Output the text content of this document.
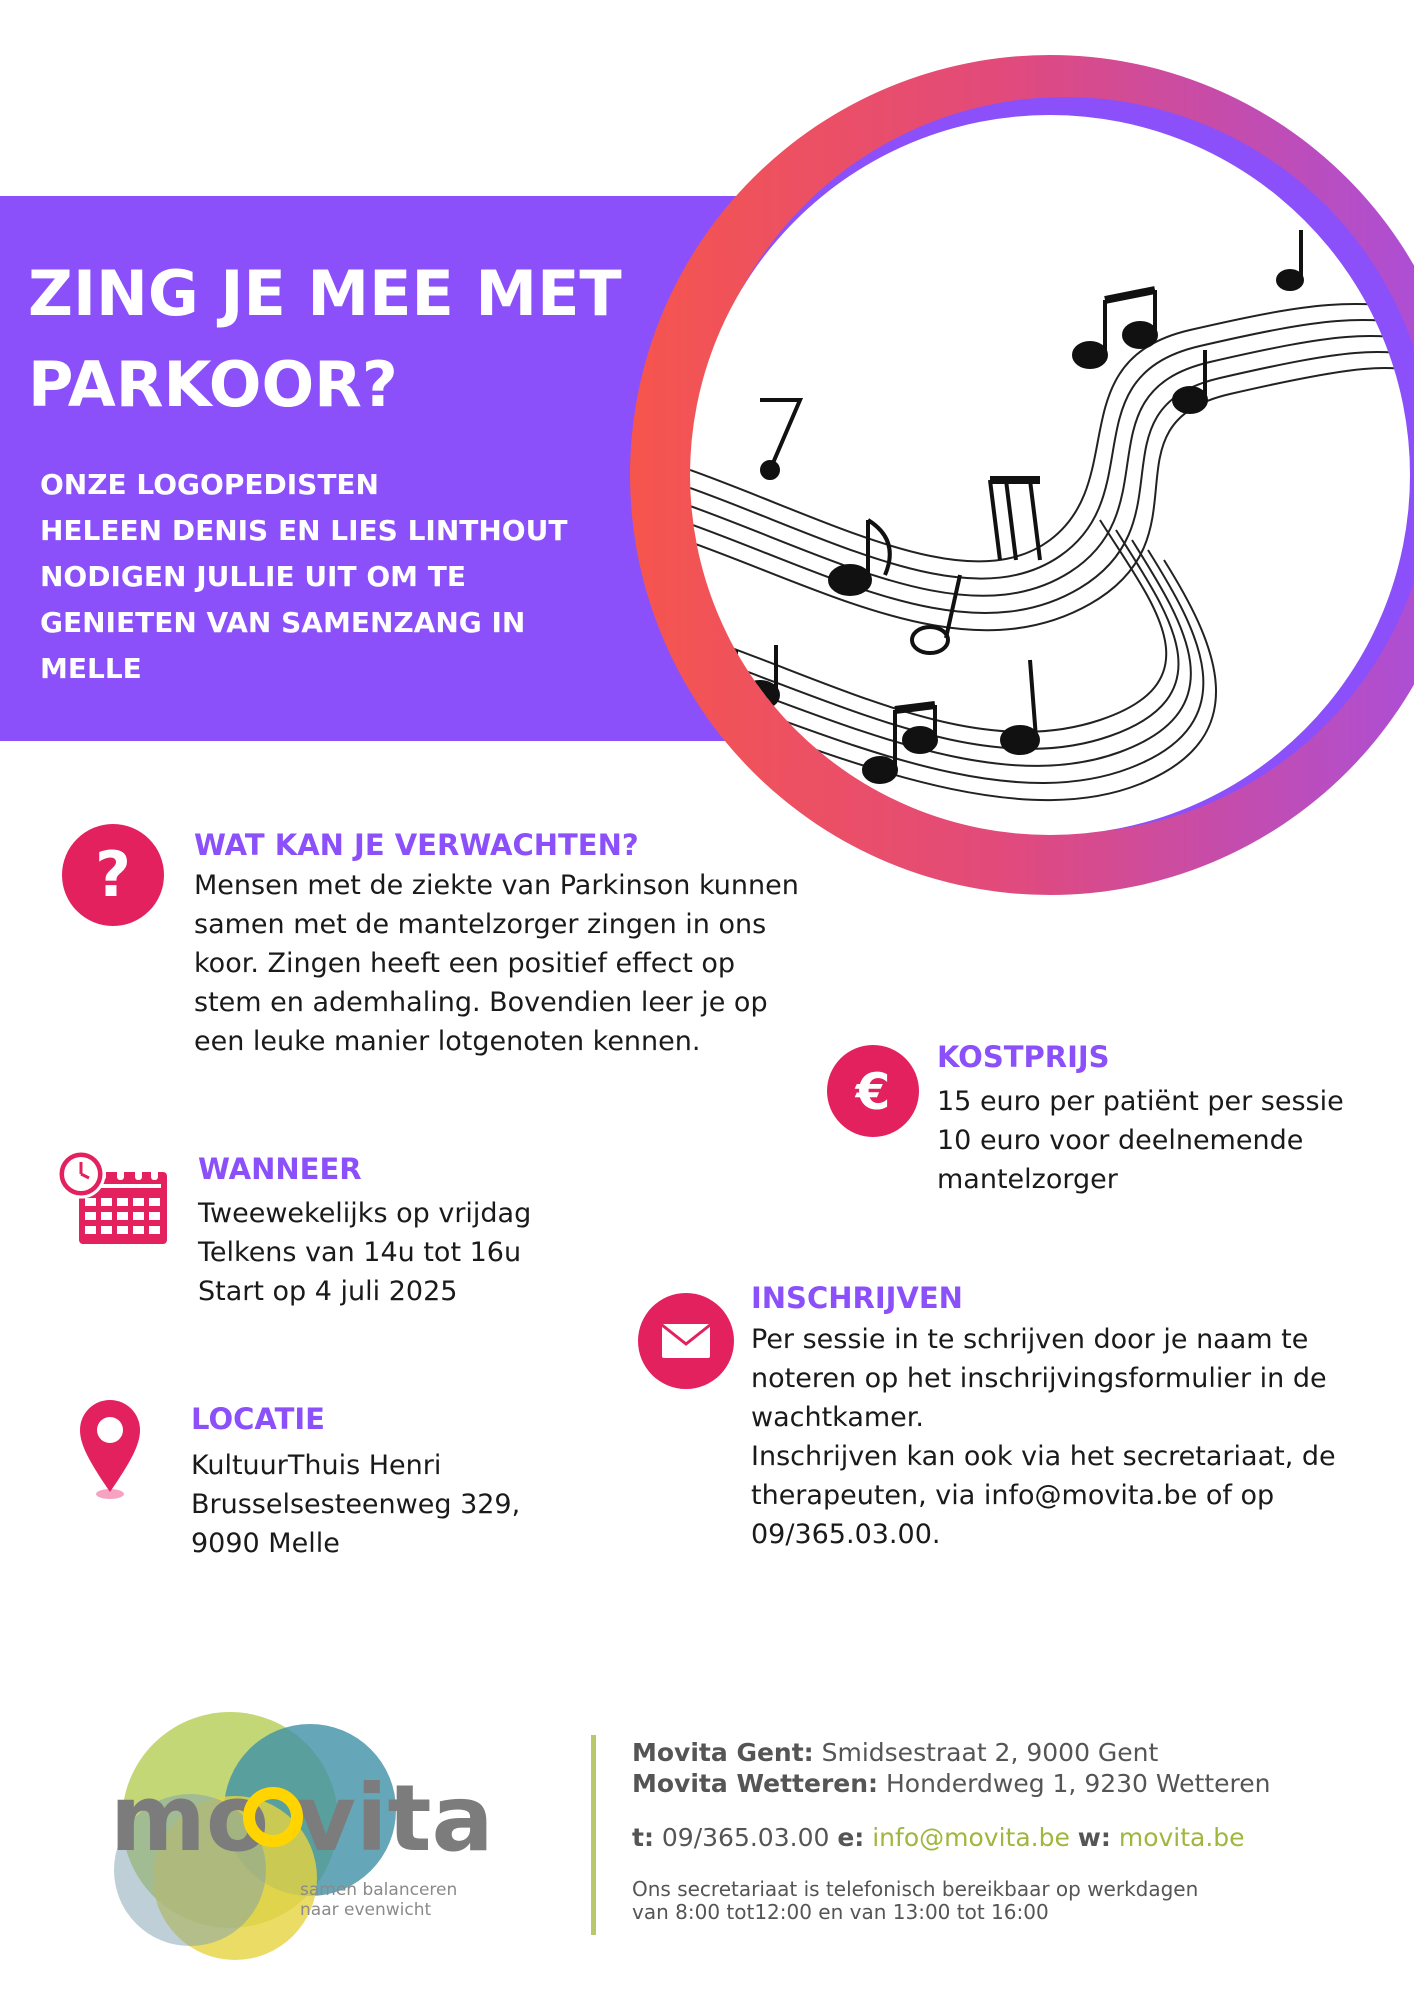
ZING JE MEE MET
PARKOOR?
ONZE LOGOPEDISTEN
HELEEN DENIS EN LIES LINTHOUT
NODIGEN JULLIE UIT OM TE
GENIETEN VAN SAMENZANG IN
MELLE
? WAT KAN JE VERWACHTEN?
Mensen met de ziekte van Parkinson kunnen
samen met de mantelzorger zingen in ons
koor. Zingen heeft een positief effect op
stem en ademhaling. Bovendien leer je op
een leuke manier lotgenoten kennen.
€
KOSTPRIJS
15 euro per patiënt per sessie
10 euro voor deelnemende
mantelzorger
WANNEER
Tweewekelijks op vrijdag
Telkens van 14u tot 16u
Start op 4 juli 2025	INSCHRIJVEN
Per sessie in te schrijven door je naam te
noteren op het inschrijvingsformulier in de
wachtkamer.
Inschrijven kan ook via het secretariaat, de
therapeuten, via info@movita.be of op
09/365.03.00.
LOCATIE
KultuurThuis Henri
Brusselsesteenweg 329,
9090 Melle
mo vita
samen balanceren
naar evenwicht
Movita Gent: Smidsestraat 2, 9000 Gent
Movita Wetteren: Honderdweg 1, 9230 Wetteren
t: 09/365.03.00 e: info@movita.be w: movita.be
Ons secretariaat is telefonisch bereikbaar op werkdagen
van 8:00 tot12:00 en van 13:00 tot 16:00
